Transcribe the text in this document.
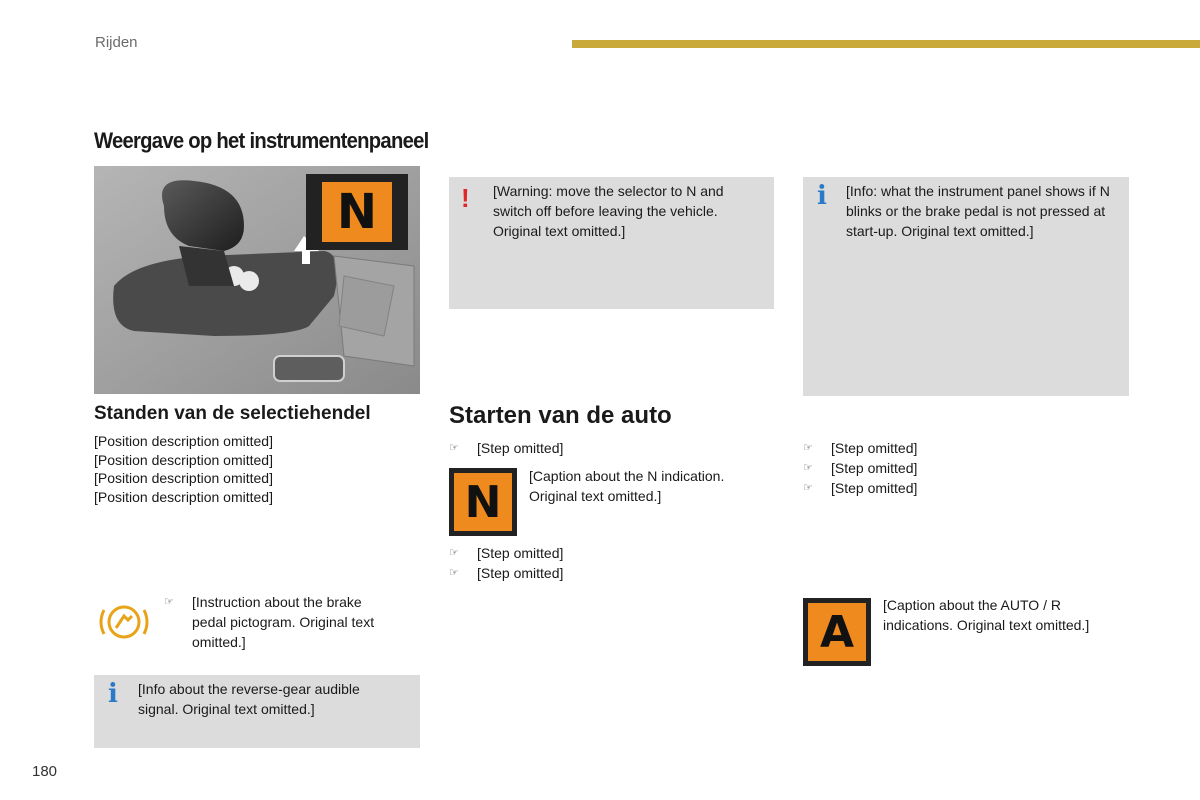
Rijden
Weergave op het instrumentenpaneel
N	! [Warning: move the selector to N and switch off before leaving the vehicle. Original text omitted.]
i [Info: what the instrument panel shows if N blinks or the brake pedal is not pressed at start-up. Original text omitted.]
Standen van de selectiehendel
[Position description omitted]
[Position description omitted]
[Position description omitted]
[Position description omitted]
☞ [Instruction about the brake pedal pictogram. Original text omitted.]
i [Info about the reverse-gear audible signal. Original text omitted.]
Starten van de auto
☞ [Step omitted]
N
[Caption about the N indication. Original text omitted.]
☞ [Step omitted]
☞ [Step omitted]
☞ [Step omitted]
☞ [Step omitted]
☞ [Step omitted]
A
[Caption about the AUTO / R indications. Original text omitted.]
180
